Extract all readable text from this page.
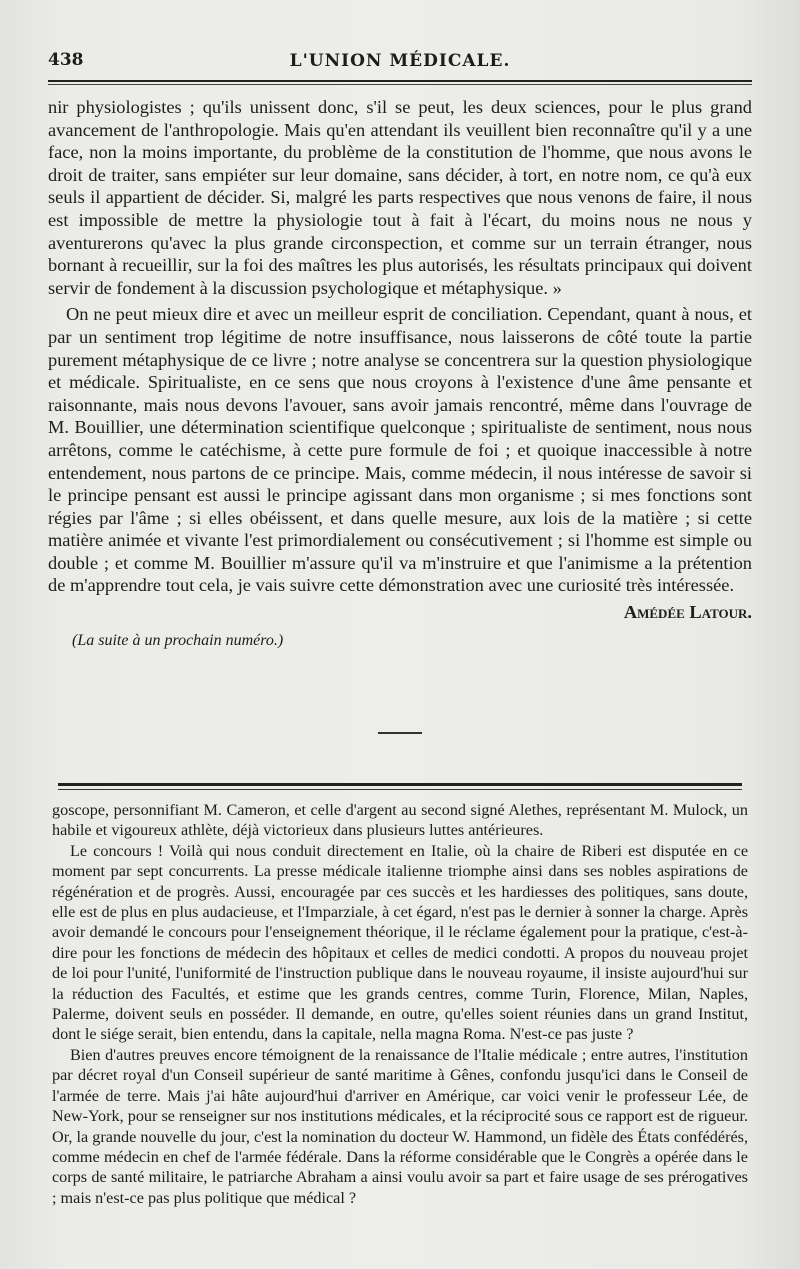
438	L'UNION MÉDICALE.

nir physiologistes ; qu'ils unissent donc, s'il se peut, les deux sciences, pour le plus grand avancement de l'anthropologie. Mais qu'en attendant ils veuillent bien reconnaître qu'il y a une face, non la moins importante, du problème de la constitution de l'homme, que nous avons le droit de traiter, sans empiéter sur leur domaine, sans décider, à tort, en notre nom, ce qu'à eux seuls il appartient de décider. Si, malgré les parts respectives que nous venons de faire, il nous est impossible de mettre la physiologie tout à fait à l'écart, du moins nous ne nous y aventurerons qu'avec la plus grande circonspection, et comme sur un terrain étranger, nous bornant à recueillir, sur la foi des maîtres les plus autorisés, les résultats principaux qui doivent servir de fondement à la discussion psychologique et métaphysique. »

On ne peut mieux dire et avec un meilleur esprit de conciliation. Cependant, quant à nous, et par un sentiment trop légitime de notre insuffisance, nous laisserons de côté toute la partie purement métaphysique de ce livre ; notre analyse se concentrera sur la question physiologique et médicale. Spiritualiste, en ce sens que nous croyons à l'existence d'une âme pensante et raisonnante, mais nous devons l'avouer, sans avoir jamais rencontré, même dans l'ouvrage de M. Bouillier, une détermination scientifique quelconque ; spiritualiste de sentiment, nous nous arrêtons, comme le catéchisme, à cette pure formule de foi ; et quoique inaccessible à notre entendement, nous partons de ce principe. Mais, comme médecin, il nous intéresse de savoir si le principe pensant est aussi le principe agissant dans mon organisme ; si mes fonctions sont régies par l'âme ; si elles obéissent, et dans quelle mesure, aux lois de la matière ; si cette matière animée et vivante l'est primordialement ou consécutivement ; si l'homme est simple ou double ; et comme M. Bouillier m'assure qu'il va m'instruire et que l'animisme a la prétention de m'apprendre tout cela, je vais suivre cette démonstration avec une curiosité très intéressée.

Amédée Latour.
(La suite à un prochain numéro.)

goscope, personnifiant M. Cameron, et celle d'argent au second signé Alethes, représentant M. Mulock, un habile et vigoureux athlète, déjà victorieux dans plusieurs luttes antérieures.

Le concours ! Voilà qui nous conduit directement en Italie, où la chaire de Riberi est disputée en ce moment par sept concurrents. La presse médicale italienne triomphe ainsi dans ses nobles aspirations de régénération et de progrès. Aussi, encouragée par ces succès et les hardiesses des politiques, sans doute, elle est de plus en plus audacieuse, et l'Imparziale, à cet égard, n'est pas le dernier à sonner la charge. Après avoir demandé le concours pour l'enseignement théorique, il le réclame également pour la pratique, c'est-à-dire pour les fonctions de médecin des hôpitaux et celles de medici condotti. A propos du nouveau projet de loi pour l'unité, l'uniformité de l'instruction publique dans le nouveau royaume, il insiste aujourd'hui sur la réduction des Facultés, et estime que les grands centres, comme Turin, Florence, Milan, Naples, Palerme, doivent seuls en posséder. Il demande, en outre, qu'elles soient réunies dans un grand Institut, dont le siége serait, bien entendu, dans la capitale, nella magna Roma. N'est-ce pas juste ?

Bien d'autres preuves encore témoignent de la renaissance de l'Italie médicale ; entre autres, l'institution par décret royal d'un Conseil supérieur de santé maritime à Gênes, confondu jusqu'ici dans le Conseil de l'armée de terre. Mais j'ai hâte aujourd'hui d'arriver en Amérique, car voici venir le professeur Lée, de New-York, pour se renseigner sur nos institutions médicales, et la réciprocité sous ce rapport est de rigueur. Or, la grande nouvelle du jour, c'est la nomination du docteur W. Hammond, un fidèle des États confédérés, comme médecin en chef de l'armée fédérale. Dans la réforme considérable que le Congrès a opérée dans le corps de santé militaire, le patriarche Abraham a ainsi voulu avoir sa part et faire usage de ses prérogatives ; mais n'est-ce pas plus politique que médical ?
